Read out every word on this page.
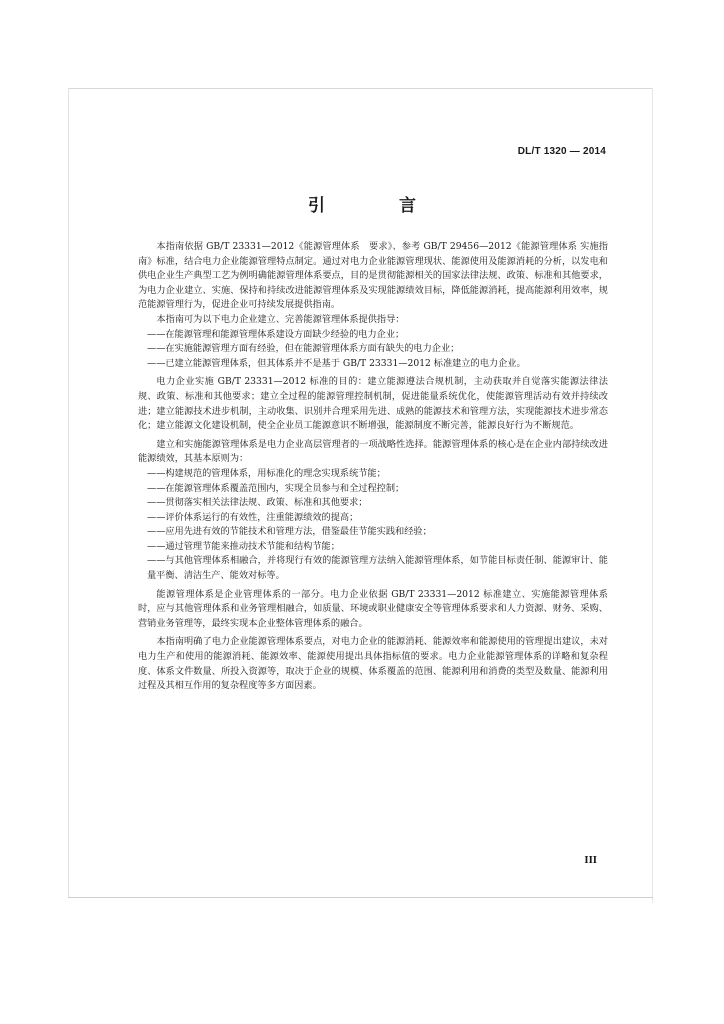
DL/T 1320 — 2014
引 言

本指南依据 GB/T 23331—2012《能源管理体系　要求》、参考 GB/T 29456—2012《能源管理体系 实施指南》标准，结合电力企业能源管理特点制定。通过对电力企业能源管理现状、能源使用及能源消耗的分析，以发电和供电企业生产典型工艺为例明确能源管理体系要点，目的是贯彻能源相关的国家法律法规、政策、标准和其他要求，为电力企业建立、实施、保持和持续改进能源管理体系及实现能源绩效目标，降低能源消耗，提高能源利用效率，规范能源管理行为，促进企业可持续发展提供指南。

本指南可为以下电力企业建立、完善能源管理体系提供指导：

——在能源管理和能源管理体系建设方面缺少经验的电力企业；

——在实施能源管理方面有经验，但在能源管理体系方面有缺失的电力企业；

——已建立能源管理体系，但其体系并不是基于 GB/T 23331—2012 标准建立的电力企业。

电力企业实施 GB/T 23331—2012 标准的目的：建立能源遵法合规机制，主动获取并自觉落实能源法律法规、政策、标准和其他要求；建立全过程的能源管理控制机制，促进能量系统优化，使能源管理活动有效并持续改进；建立能源技术进步机制，主动收集、识别并合理采用先进、成熟的能源技术和管理方法，实现能源技术进步常态化；建立能源文化建设机制，使全企业员工能源意识不断增强，能源制度不断完善，能源良好行为不断规范。

建立和实施能源管理体系是电力企业高层管理者的一项战略性选择。能源管理体系的核心是在企业内部持续改进能源绩效，其基本原则为：

——构建规范的管理体系，用标准化的理念实现系统节能；

——在能源管理体系覆盖范围内，实现全员参与和全过程控制；

——贯彻落实相关法律法规、政策、标准和其他要求；

——评价体系运行的有效性，注重能源绩效的提高；

——应用先进有效的节能技术和管理方法，借鉴最佳节能实践和经验；

——通过管理节能来推动技术节能和结构节能；

——与其他管理体系相融合，并将现行有效的能源管理方法纳入能源管理体系，如节能目标责任制、能源审计、能量平衡、清洁生产、能效对标等。

能源管理体系是企业管理体系的一部分。电力企业依据 GB/T 23331—2012 标准建立、实施能源管理体系时，应与其他管理体系和业务管理相融合，如质量、环境或职业健康安全等管理体系要求和人力资源、财务、采购、营销业务管理等，最终实现本企业整体管理体系的融合。

本指南明确了电力企业能源管理体系要点，对电力企业的能源消耗、能源效率和能源使用的管理提出建议，未对电力生产和使用的能源消耗、能源效率、能源使用提出具体指标值的要求。电力企业能源管理体系的详略和复杂程度、体系文件数量、所投入资源等，取决于企业的规模、体系覆盖的范围、能源利用和消费的类型及数量、能源利用过程及其相互作用的复杂程度等多方面因素。

III
